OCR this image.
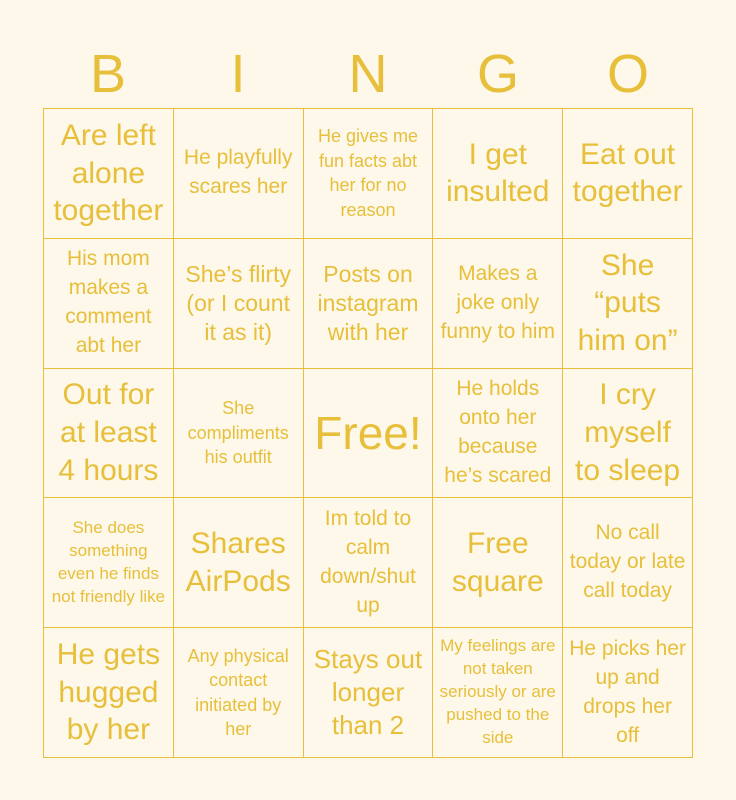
B	I	N	G	O
Are left alone together
He playfully scares her
He gives me fun facts abt her for no reason
I get insulted
Eat out together
His mom makes a comment abt her
She’s flirty (or I count it as it)
Posts on instagram with her
Makes a joke only funny to him
She “puts him on”
Out for at least 4 hours
She compliments his outfit Free!
He holds onto her because he’s scared
I cry myself to sleep
She does something even he finds not friendly like
Shares AirPods
Im told to calm down/shut up
Free square
No call today or late call today
He gets hugged by her
Any physical contact initiated by her
Stays out longer than 2
My feelings are not taken seriously or are pushed to the side
He picks her up and drops her off
